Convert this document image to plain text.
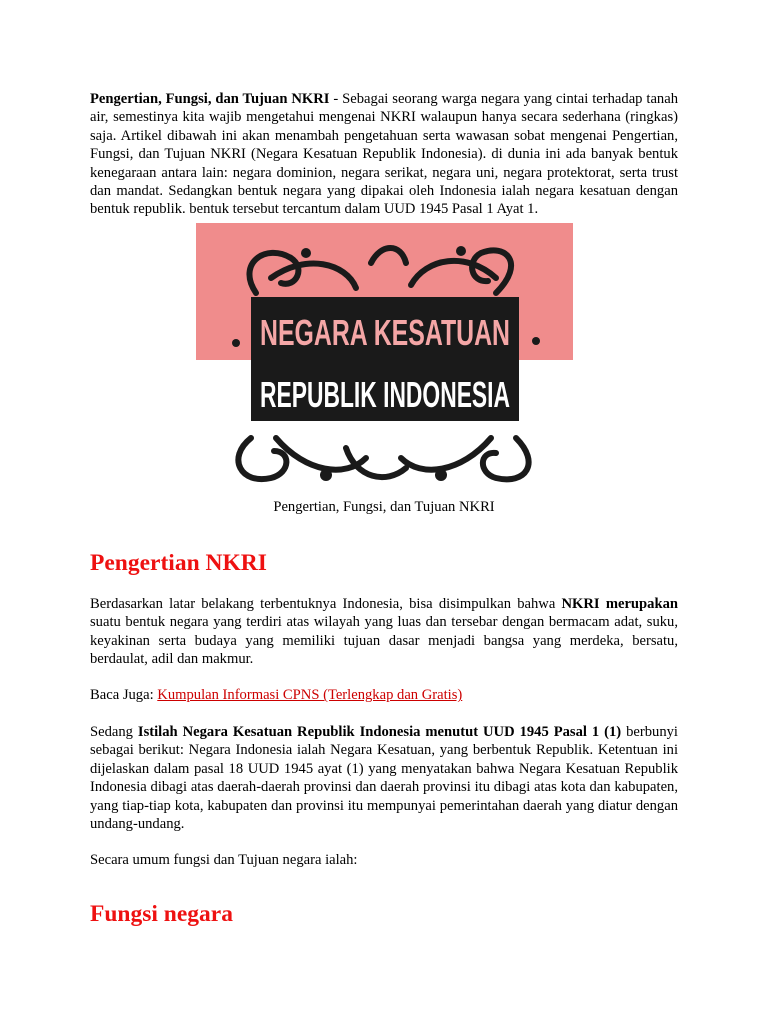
Pengertian, Fungsi, dan Tujuan NKRI - Sebagai seorang warga negara yang cintai terhadap tanah air, semestinya kita wajib mengetahui mengenai NKRI walaupun hanya secara sederhana (ringkas) saja. Artikel dibawah ini akan menambah pengetahuan serta wawasan sobat mengenai Pengertian, Fungsi, dan Tujuan NKRI (Negara Kesatuan Republik Indonesia). di dunia ini ada banyak bentuk kenegaraan antara lain: negara dominion, negara serikat, negara uni, negara protektorat, serta trust dan mandat. Sedangkan bentuk negara yang dipakai oleh Indonesia ialah negara kesatuan dengan bentuk republik. bentuk tersebut tercantum dalam UUD 1945 Pasal 1 Ayat 1.

NEGARA KESATUAN
REPUBLIK INDONESIA
Pengertian, Fungsi, dan Tujuan NKRI
Pengertian NKRI

Berdasarkan latar belakang terbentuknya Indonesia, bisa disimpulkan bahwa NKRI merupakan suatu bentuk negara yang terdiri atas wilayah yang luas dan tersebar dengan bermacam adat, suku, keyakinan serta budaya yang memiliki tujuan dasar menjadi bangsa yang merdeka, bersatu, berdaulat, adil dan makmur.

Baca Juga: Kumpulan Informasi CPNS (Terlengkap dan Gratis)

Sedang Istilah Negara Kesatuan Republik Indonesia menutut UUD 1945 Pasal 1 (1) berbunyi sebagai berikut: Negara Indonesia ialah Negara Kesatuan, yang berbentuk Republik. Ketentuan ini dijelaskan dalam pasal 18 UUD 1945 ayat (1) yang menyatakan bahwa Negara Kesatuan Republik Indonesia dibagi atas daerah-daerah provinsi dan daerah provinsi itu dibagi atas kota dan kabupaten, yang tiap-tiap kota, kabupaten dan provinsi itu mempunyai pemerintahan daerah yang diatur dengan undang-undang.

Secara umum fungsi dan Tujuan negara ialah:

Fungsi negara
